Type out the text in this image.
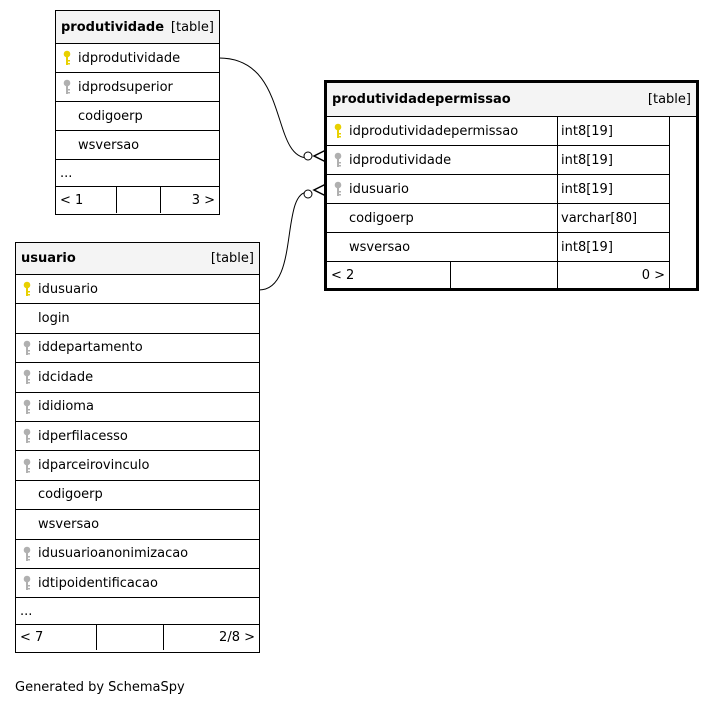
produtividade [table]
idprodutividade
idprodsuperior
codigoerp
wsversao
...
< 1	3 >
produtividadepermissao	[table]
idprodutividadepermissao	int8[19]
idprodutividade	int8[19]
idusuario	int8[19]
codigoerp	varchar[80]
wsversao	int8[19]
< 2	0 >
usuario	[table]
idusuario
login
iddepartamento
idcidade
ididioma
idperfilacesso
idparceirovinculo
codigoerp
wsversao
idusuarioanonimizacao
idtipoidentificacao
...
< 7	2/8 >
Generated by SchemaSpy
